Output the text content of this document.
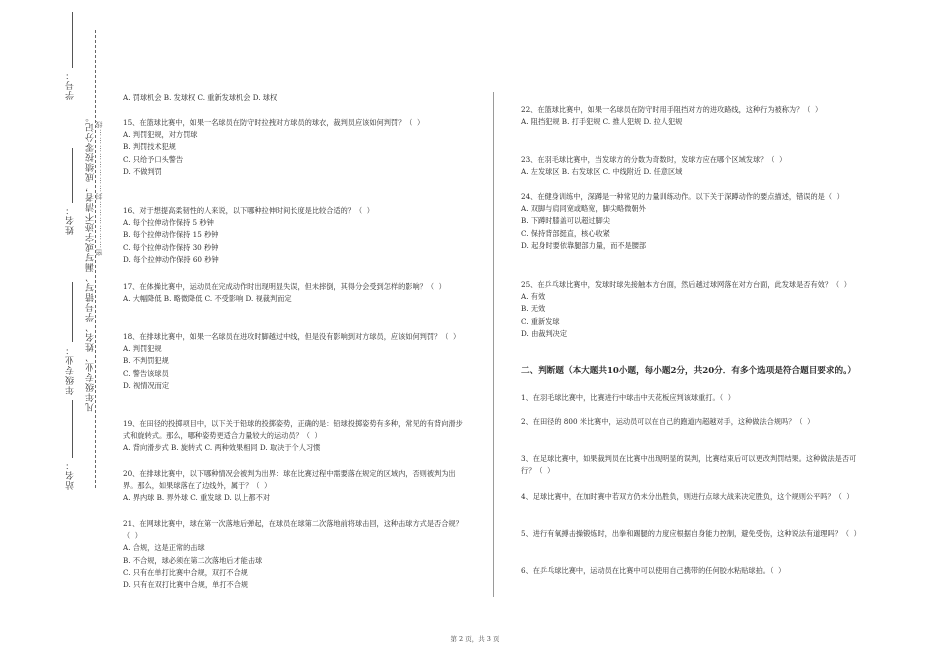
学号：
凡年级专业、姓名、学号错写、漏写或字迹不清者，成绩按零分记。 密………………封……………………线
姓名：
年级专业：
站名：

A. 罚球机会 B. 发球权 C. 重新发球机会 D. 球权

15、在篮球比赛中，如果一名球员在防守时拉拽对方球员的球衣，裁判员应该如何判罚？（  ）

A. 判罚犯规，对方罚球

B. 判罚技术犯规

C. 只给予口头警告

D. 不做判罚

16、对于想提高柔韧性的人来说，以下哪种拉伸时间长度是比较合适的？（  ）

A. 每个拉伸动作保持 5 秒钟

B. 每个拉伸动作保持 15 秒钟

C. 每个拉伸动作保持 30 秒钟

D. 每个拉伸动作保持 60 秒钟

17、在体操比赛中，运动员在完成动作时出现明显失误，但未摔倒，其得分会受到怎样的影响？（  ）

A. 大幅降低 B. 略微降低 C. 不受影响 D. 视裁判而定

18、在排球比赛中，如果一名球员在进攻时脚越过中线，但是没有影响到对方球员，应该如何判罚？（  ）

A. 判罚犯规

B. 不判罚犯规

C. 警告该球员

D. 视情况而定

19、在田径的投掷项目中，以下关于铅球的投掷姿势，正确的是：铅球投掷姿势有多种，常见的有背向滑步式和旋转式。那么，哪种姿势更适合力量较大的运动员？（  ）

A. 背向滑步式 B. 旋转式 C. 两种效果相同 D. 取决于个人习惯

20、在排球比赛中，以下哪种情况会被判为出界：球在比赛过程中需要落在规定的区域内，否则被判为出界。那么，如果球落在了边线外，属于？（  ）

A. 界内球 B. 界外球 C. 重发球 D. 以上都不对

21、在网球比赛中，球在第一次落地后弹起，在球员在球第二次落地前将球击回，这种击球方式是否合规？（  ）

A. 合规，这是正常的击球

B. 不合规，球必须在第二次落地后才能击球

C. 只有在单打比赛中合规，双打不合规

D. 只有在双打比赛中合规，单打不合规

22、在篮球比赛中，如果一名球员在防守时用手阻挡对方的进攻路线，这种行为被称为？（  ）

A. 阻挡犯规 B. 打手犯规 C. 推人犯规 D. 拉人犯规

23、在羽毛球比赛中，当发球方的分数为奇数时，发球方应在哪个区域发球？（  ）

A. 左发球区 B. 右发球区 C. 中线附近 D. 任意区域

24、在健身训练中，深蹲是一种常见的力量训练动作。以下关于深蹲动作的要点描述，错误的是（  ）

A. 双脚与肩同宽或略宽，脚尖略微朝外

B. 下蹲时膝盖可以超过脚尖

C. 保持背部挺直，核心收紧

D. 起身时要依靠腿部力量，而不是腰部

25、在乒乓球比赛中，发球时球先接触本方台面，然后越过球网落在对方台面，此发球是否有效？（  ）

A. 有效

B. 无效

C. 重新发球

D. 由裁判决定

二、判断题（本大题共10小题，每小题2分，共20分．有多个选项是符合题目要求的。）

1、在羽毛球比赛中，比赛进行中球击中天花板应判该球重打。（  ）

2、在田径的 800 米比赛中，运动员可以在自己的跑道内超越对手，这种做法合规吗？（  ）

3、在足球比赛中，如果裁判员在比赛中出现明显的误判，比赛结束后可以更改判罚结果。这种做法是否可行？（  ）

4、足球比赛中，在加时赛中若双方仍未分出胜负，则进行点球大战来决定胜负，这个规则公平吗？（  ）

5、进行有氧搏击操锻炼时，出拳和踢腿的力度应根据自身能力控制，避免受伤，这种说法有道理吗？（  ）

6、在乒乓球比赛中，运动员在比赛中可以使用自己携带的任何胶水粘贴球拍。（  ）

第 2 页，共 3 页
